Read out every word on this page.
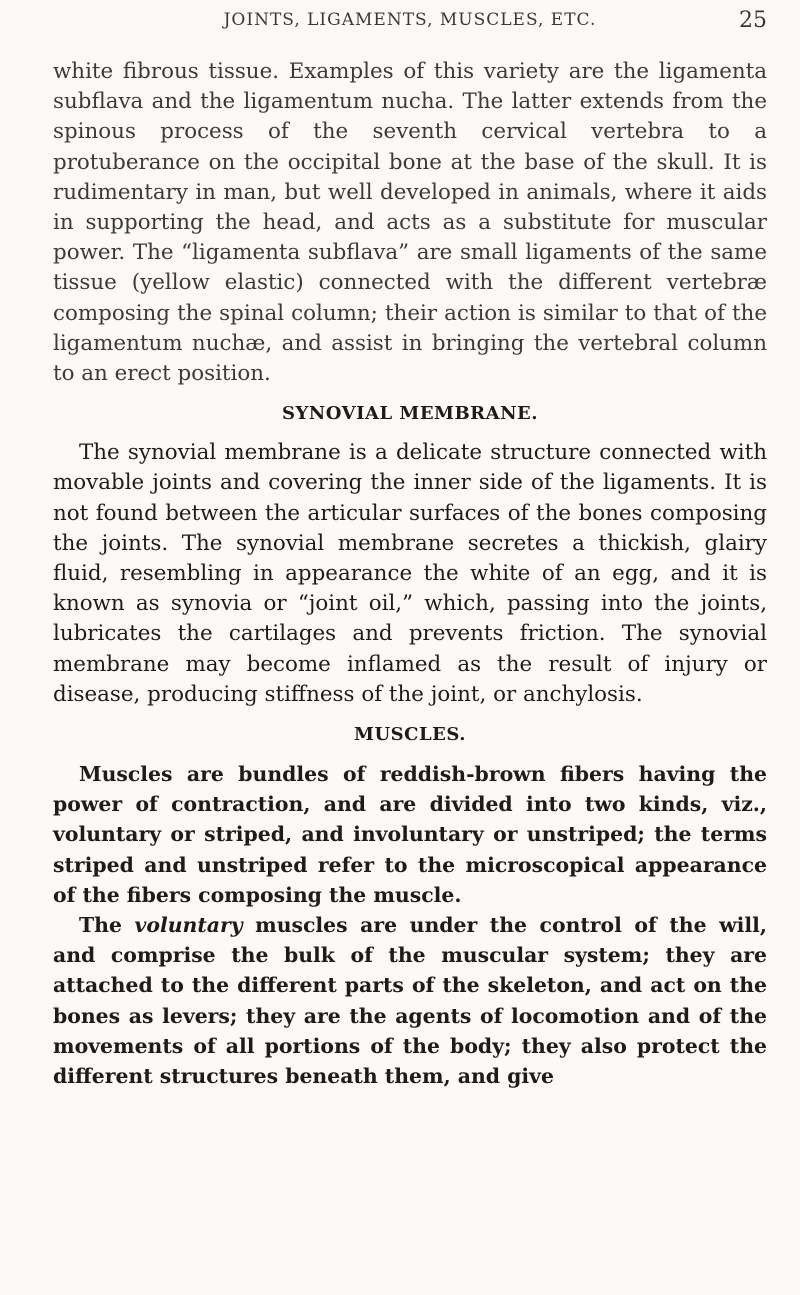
JOINTS, LIGAMENTS, MUSCLES, ETC.	25

white fibrous tissue. Examples of this variety are the ligamenta subflava and the ligamentum nucha. The latter extends from the spinous process of the seventh cervical vertebra to a protuberance on the occipital bone at the base of the skull. It is rudimentary in man, but well developed in animals, where it aids in supporting the head, and acts as a substitute for muscular power. The “ligamenta subflava” are small ligaments of the same tissue (yellow elastic) connected with the different vertebræ composing the spinal column; their action is similar to that of the ligamentum nuchæ, and assist in bringing the vertebral column to an erect position.

SYNOVIAL MEMBRANE.

The synovial membrane is a delicate structure connected with movable joints and covering the inner side of the ligaments. It is not found between the articular surfaces of the bones composing the joints. The synovial membrane secretes a thickish, glairy fluid, resembling in appearance the white of an egg, and it is known as synovia or “joint oil,” which, passing into the joints, lubricates the cartilages and prevents friction. The synovial membrane may become inflamed as the result of injury or disease, producing stiffness of the joint, or anchylosis.

MUSCLES.

Muscles are bundles of reddish-brown fibers having the power of contraction, and are divided into two kinds, viz., voluntary or striped, and involuntary or unstriped; the terms striped and unstriped refer to the microscopical appearance of the fibers composing the muscle.

The voluntary muscles are under the control of the will, and comprise the bulk of the muscular system; they are attached to the different parts of the skeleton, and act on the bones as levers; they are the agents of locomotion and of the movements of all portions of the body; they also protect the different structures beneath them, and give
